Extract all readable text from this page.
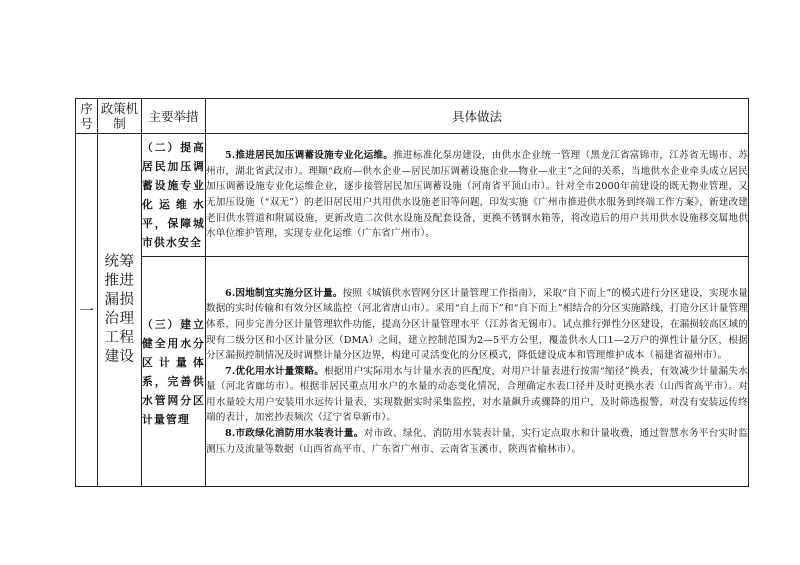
序号	政策机制	主要举措	具体做法

一	统筹推进漏损治理工程建设	（二）提高居民加压调蓄设施专业化运维水平，保障城市供水安全	5.推进居民加压调蓄设施专业化运维。推进标准化泵房建设，由供水企业统一管理（黑龙江省富锦市，江苏省无锡市、苏州市，湖北省武汉市）。理顺“政府—供水企业—居民加压调蓄设施企业—物业—业主”之间的关系，当地供水企业牵头成立居民加压调蓄设施专业化运维企业，逐步接管居民加压调蓄设施（河南省平顶山市）。针对全市2000年前建设的既无物业管理、又无加压设施（“双无”）的老旧居民用户共用供水设施老旧等问题，印发实施《广州市推进供水服务到终端工作方案》，新建改建老旧供水管道和附属设施，更新改造二次供水设施及配套设备，更换不锈钢水箱等，将改造后的用户共用供水设施移交属地供水单位维护管理，实现专业化运维（广东省广州市）。

		（三）建立健全用水分区计量体系，完善供水管网分区计量管理	6.因地制宜实施分区计量。按照《城镇供水管网分区计量管理工作指南》，采取“自下而上”的模式进行分区建设，实现水量数据的实时传输和有效分区域监控（河北省唐山市）。采用“自上而下”和“自下而上”相结合的分区实施路线，打造分区计量管理体系，同步完善分区计量管理软件功能，提高分区计量管理水平（江苏省无锡市）。试点推行弹性分区建设，在漏损较高区域的现有二级分区和小区计量分区（DMA）之间，建立控制范围为2—5平方公里，覆盖供水人口1—2万户的弹性计量分区，根据分区漏损控制情况及时调整计量分区边界，构建可灵活变化的分区模式，降低建设成本和管理维护成本（福建省福州市）。

7.优化用水计量策略。根据用户实际用水与计量水表的匹配度，对用户计量表进行按需“缩径”换表，有效减少计量漏失水量（河北省廊坊市）。根据非居民重点用水户的水量的动态变化情况，合理确定水表口径并及时更换水表（山西省高平市）。对用水量较大用户安装用水远传计量表，实现数据实时采集监控，对水量飙升或骤降的用户，及时筛选报警，对没有安装远传终端的表计，加密抄表频次（辽宁省阜新市）。

8.市政绿化消防用水装表计量。对市政、绿化、消防用水装表计量，实行定点取水和计量收费，通过智慧水务平台实时监测压力及流量等数据（山西省高平市、广东省广州市、云南省玉溪市、陕西省榆林市）。
